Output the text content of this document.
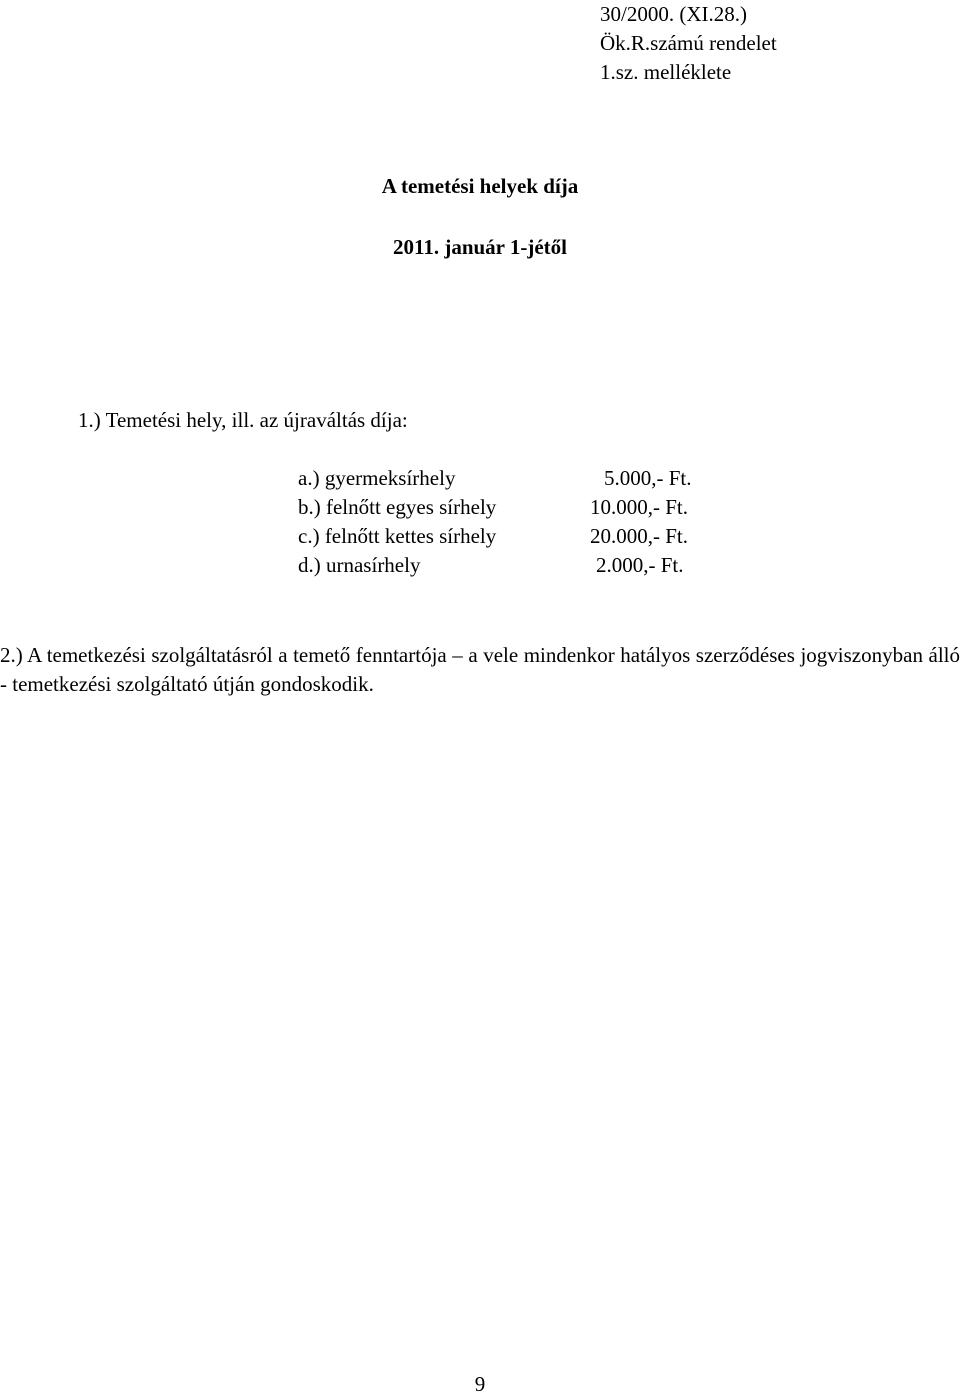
30/2000. (XI.28.)
Ök.R.számú rendelet
1.sz. melléklete
A temetési helyek díja
2011. január 1-jétől
1.) Temetési hely, ill. az újraváltás díja:
a.) gyermeksírhely	5.000,- Ft.
b.) felnőtt egyes sírhely	10.000,- Ft.
c.) felnőtt kettes sírhely	20.000,- Ft.
d.) urnasírhely	2.000,- Ft.
2.) A temetkezési szolgáltatásról a temető fenntartója – a vele mindenkor hatályos szerződéses jogviszonyban álló - temetkezési szolgáltató útján gondoskodik.
9
